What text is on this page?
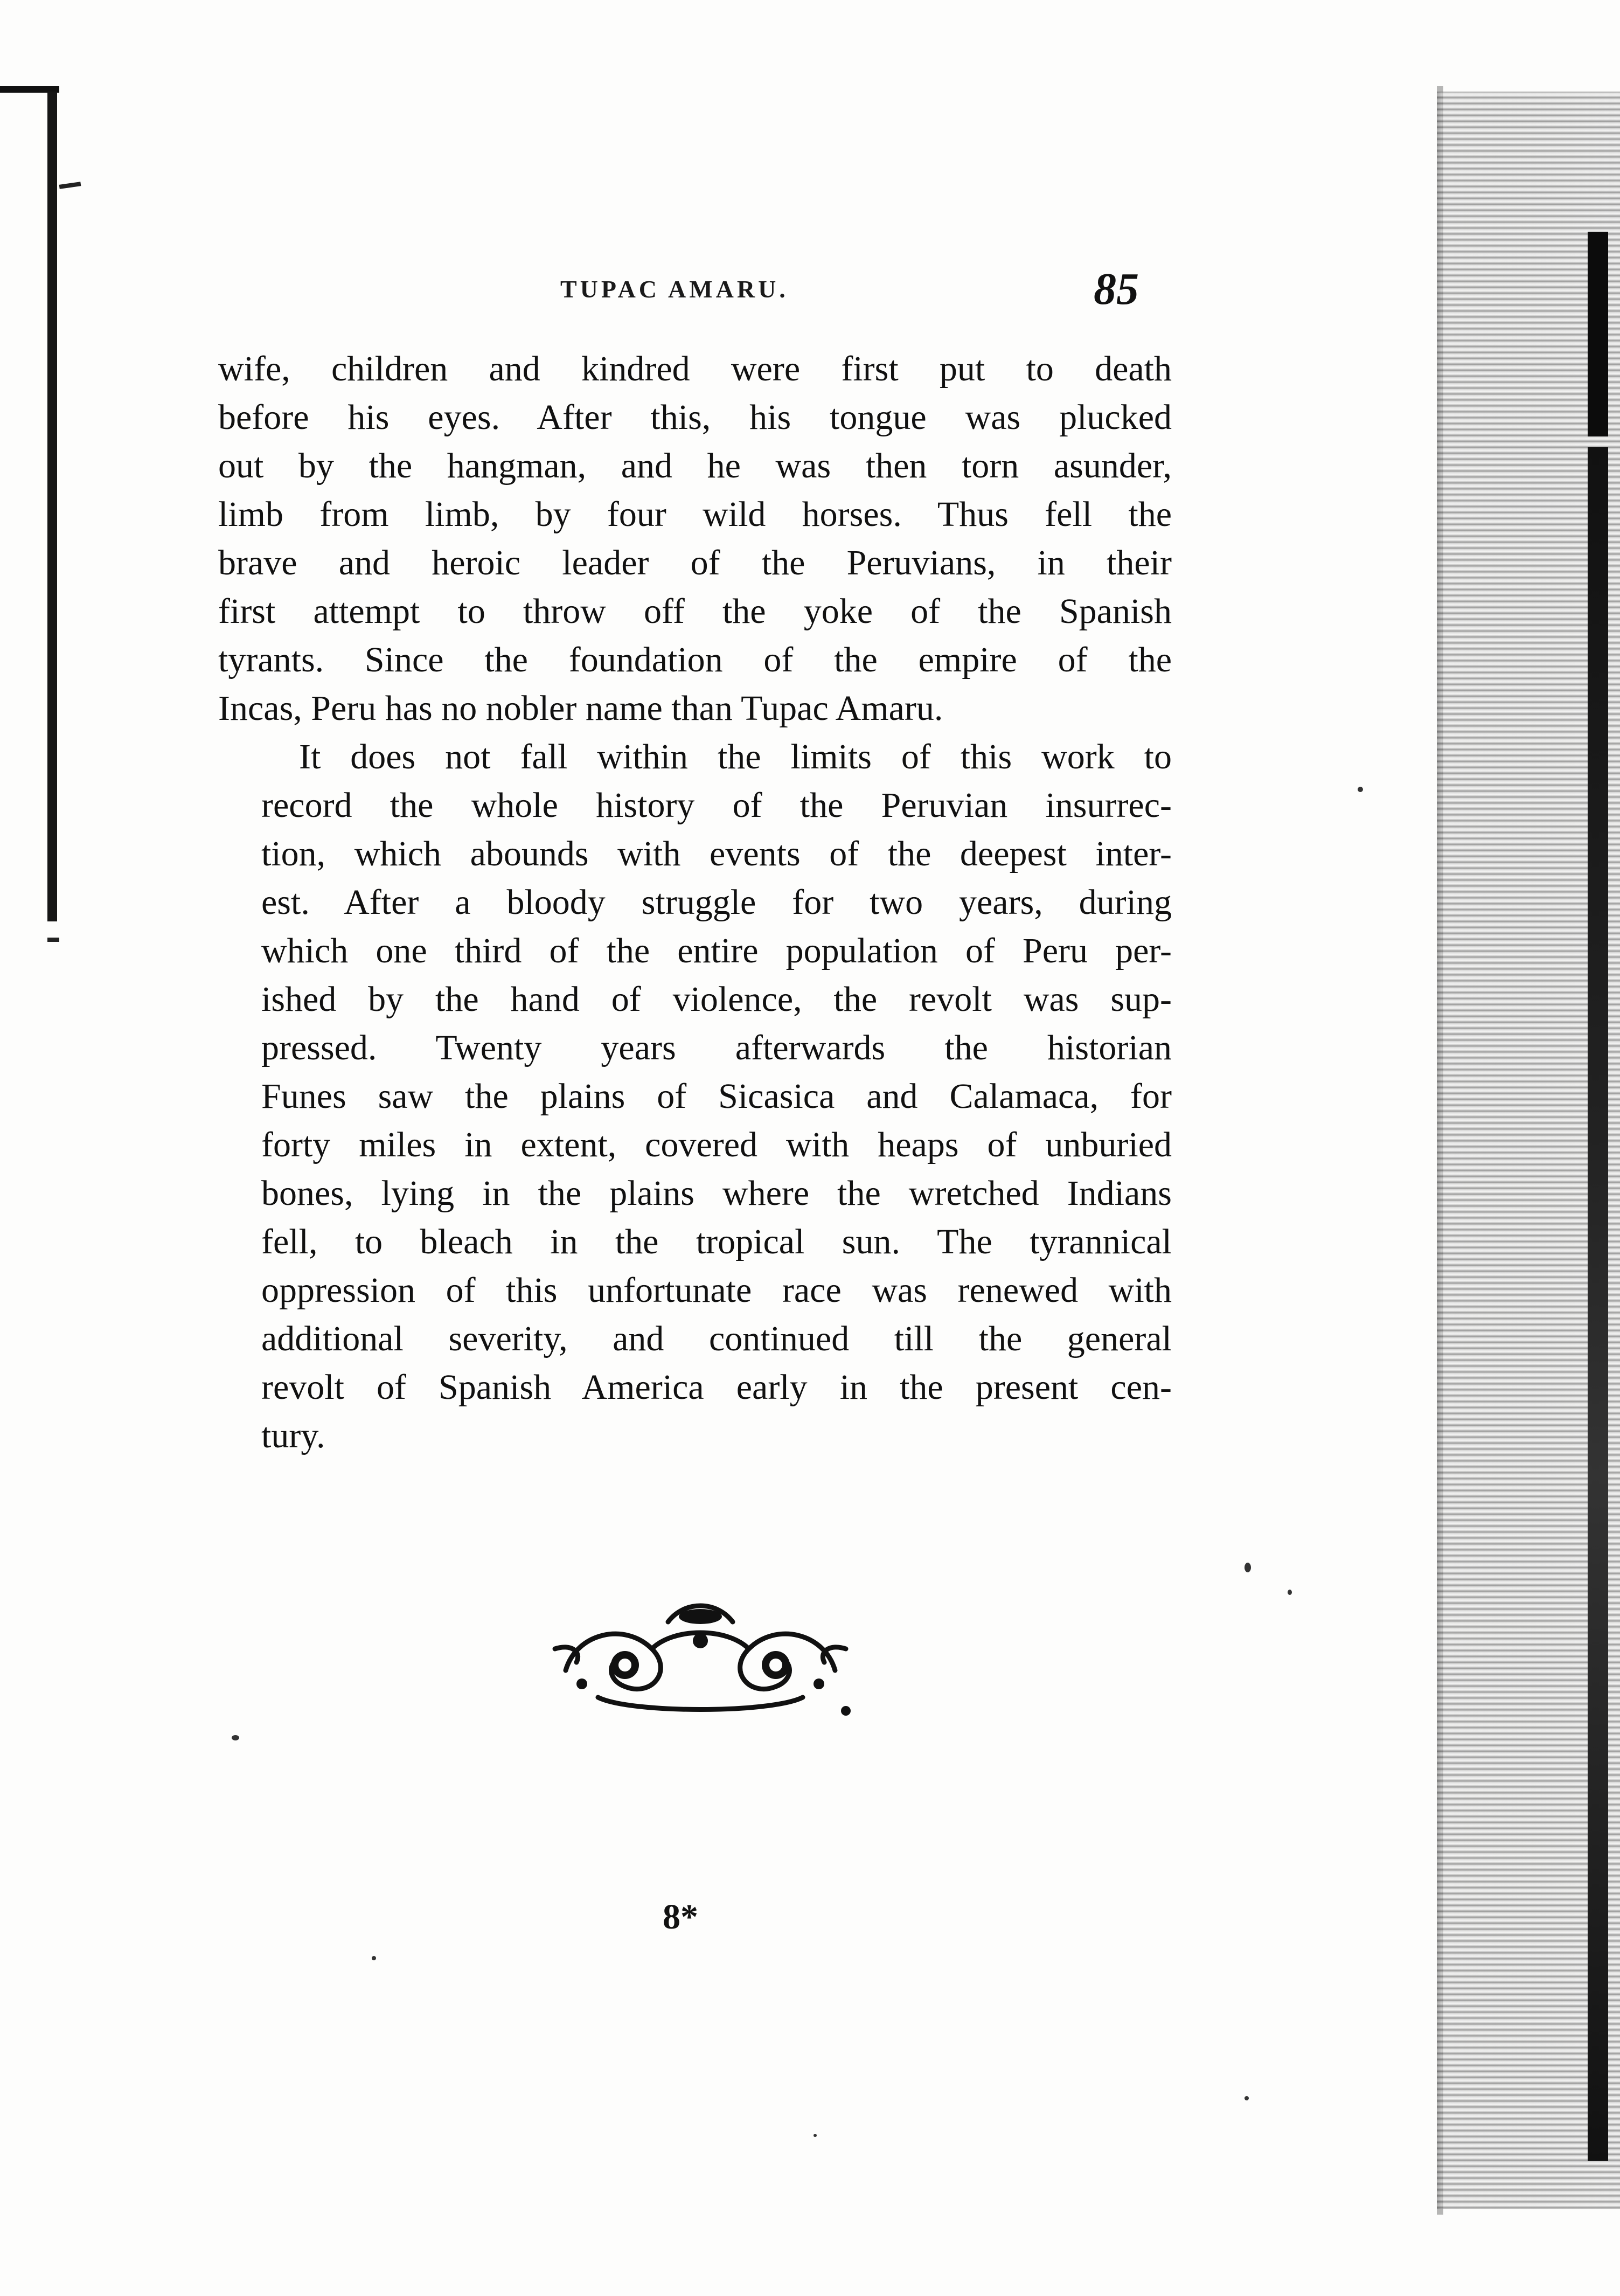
TUPAC AMARU.	85
wife, children and kindred were first put to death
before his eyes. After this, his tongue was plucked
out by the hangman, and he was then torn asunder,
limb from limb, by four wild horses. Thus fell the
brave and heroic leader of the Peruvians, in their
first attempt to throw off the yoke of the Spanish
tyrants. Since the foundation of the empire of the
Incas, Peru has no nobler name than Tupac Amaru.
It does not fall within the limits of this work to
record the whole history of the Peruvian insurrec-
tion, which abounds with events of the deepest inter-
est. After a bloody struggle for two years, during
which one third of the entire population of Peru per-
ished by the hand of violence, the revolt was sup-
pressed. Twenty years afterwards the historian
Funes saw the plains of Sicasica and Calamaca, for
forty miles in extent, covered with heaps of unburied
bones, lying in the plains where the wretched Indians
fell, to bleach in the tropical sun. The tyrannical
oppression of this unfortunate race was renewed with
additional severity, and continued till the general
revolt of Spanish America early in the present cen-
tury.
8*
